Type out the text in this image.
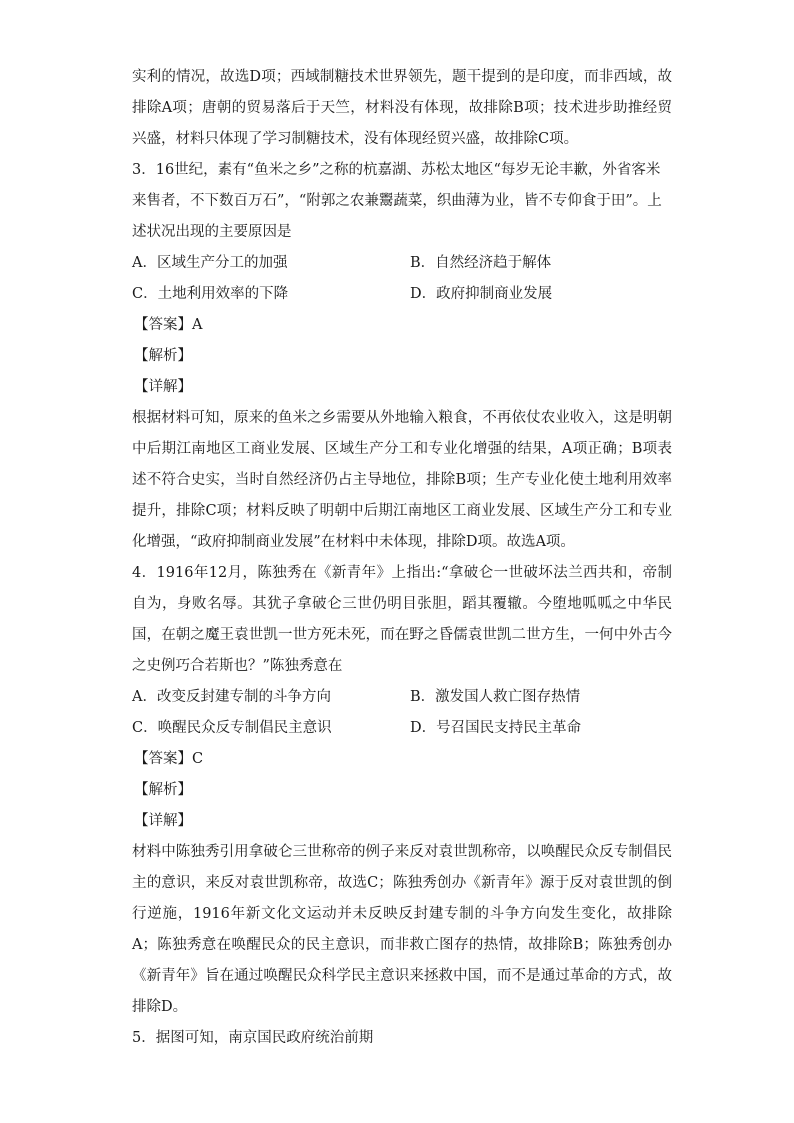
实利的情况，故选D项；西域制糖技术世界领先，题干提到的是印度，而非西域，故排除A项；唐朝的贸易落后于天竺，材料没有体现，故排除B项；技术进步助推经贸兴盛，材料只体现了学习制糖技术，没有体现经贸兴盛，故排除C项。

3．16世纪，素有“鱼米之乡”之称的杭嘉湖、苏松太地区“每岁无论丰歉，外省客米来售者，不下数百万石”，“附郭之农兼鬻蔬菜，织曲薄为业，皆不专仰食于田”。上述状况出现的主要原因是

A．区域生产分工的加强	B．自然经济趋于解体

C．土地利用效率的下降	D．政府抑制商业发展

【答案】A

【解析】

【详解】

根据材料可知，原来的鱼米之乡需要从外地输入粮食，不再依仗农业收入，这是明朝中后期江南地区工商业发展、区域生产分工和专业化增强的结果，A项正确；B项表述不符合史实，当时自然经济仍占主导地位，排除B项；生产专业化使土地利用效率提升，排除C项；材料反映了明朝中后期江南地区工商业发展、区域生产分工和专业化增强，“政府抑制商业发展”在材料中未体现，排除D项。故选A项。

4．1916年12月，陈独秀在《新青年》上指出:“拿破仑一世破坏法兰西共和，帝制自为，身败名辱。其犹子拿破仑三世仍明目张胆，蹈其覆辙。今堕地呱呱之中华民国，在朝之魔王袁世凯一世方死未死，而在野之昏儒袁世凯二世方生，一何中外古今之史例巧合若斯也？”陈独秀意在

A．改变反封建专制的斗争方向	B．激发国人救亡图存热情

C．唤醒民众反专制倡民主意识	D．号召国民支持民主革命

【答案】C

【解析】

【详解】

材料中陈独秀引用拿破仑三世称帝的例子来反对袁世凯称帝，以唤醒民众反专制倡民主的意识，来反对袁世凯称帝，故选C；陈独秀创办《新青年》源于反对袁世凯的倒行逆施，1916年新文化文运动并未反映反封建专制的斗争方向发生变化，故排除A；陈独秀意在唤醒民众的民主意识，而非救亡图存的热情，故排除B；陈独秀创办《新青年》旨在通过唤醒民众科学民主意识来拯救中国，而不是通过革命的方式，故排除D。

5．据图可知，南京国民政府统治前期
